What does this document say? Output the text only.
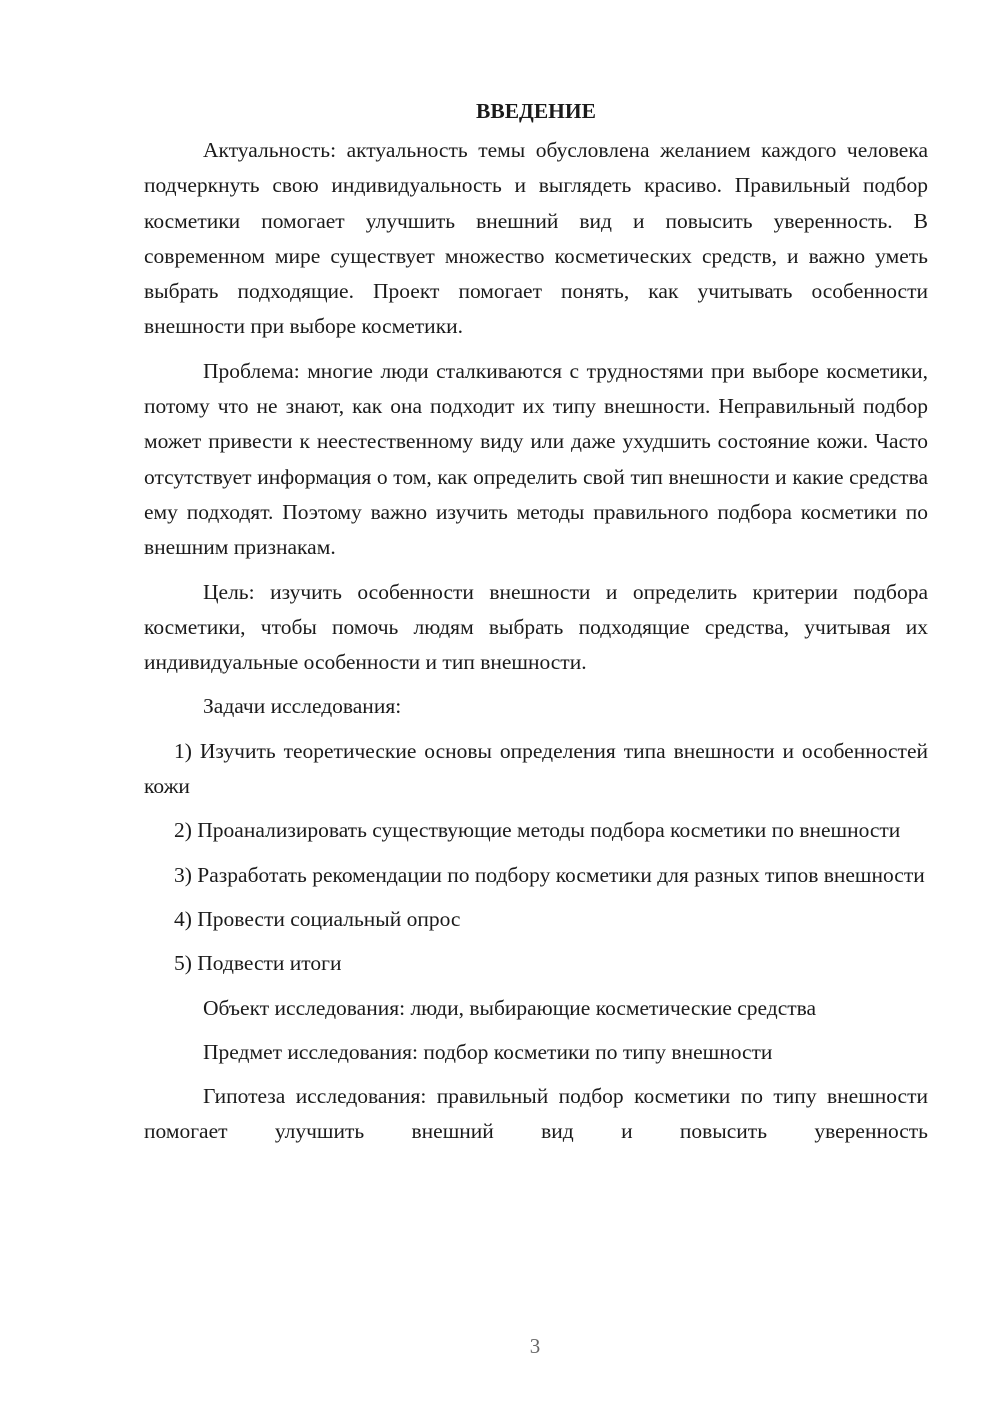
ВВЕДЕНИЕ

Актуальность: актуальность темы обусловлена желанием каждого человека подчеркнуть свою индивидуальность и выглядеть красиво. Правильный подбор косметики помогает улучшить внешний вид и повысить уверенность. В современном мире существует множество косметических средств, и важно уметь выбрать подходящие. Проект помогает понять, как учитывать особенности внешности при выборе косметики.

Проблема: многие люди сталкиваются с трудностями при выборе косметики, потому что не знают, как она подходит их типу внешности. Неправильный подбор может привести к неестественному виду или даже ухудшить состояние кожи. Часто отсутствует информация о том, как определить свой тип внешности и какие средства ему подходят. Поэтому важно изучить методы правильного подбора косметики по внешним признакам.

Цель: изучить особенности внешности и определить критерии подбора косметики, чтобы помочь людям выбрать подходящие средства, учитывая их индивидуальные особенности и тип внешности.

Задачи исследования:

1) Изучить теоретические основы определения типа внешности и особенностей кожи

2) Проанализировать существующие методы подбора косметики по внешности

3) Разработать рекомендации по подбору косметики для разных типов внешности

4) Провести социальный опрос

5) Подвести итоги

Объект исследования: люди, выбирающие косметические средства

Предмет исследования: подбор косметики по типу внешности

Гипотеза исследования: правильный подбор косметики по типу внешности помогает улучшить внешний вид и повысить уверенность

3
